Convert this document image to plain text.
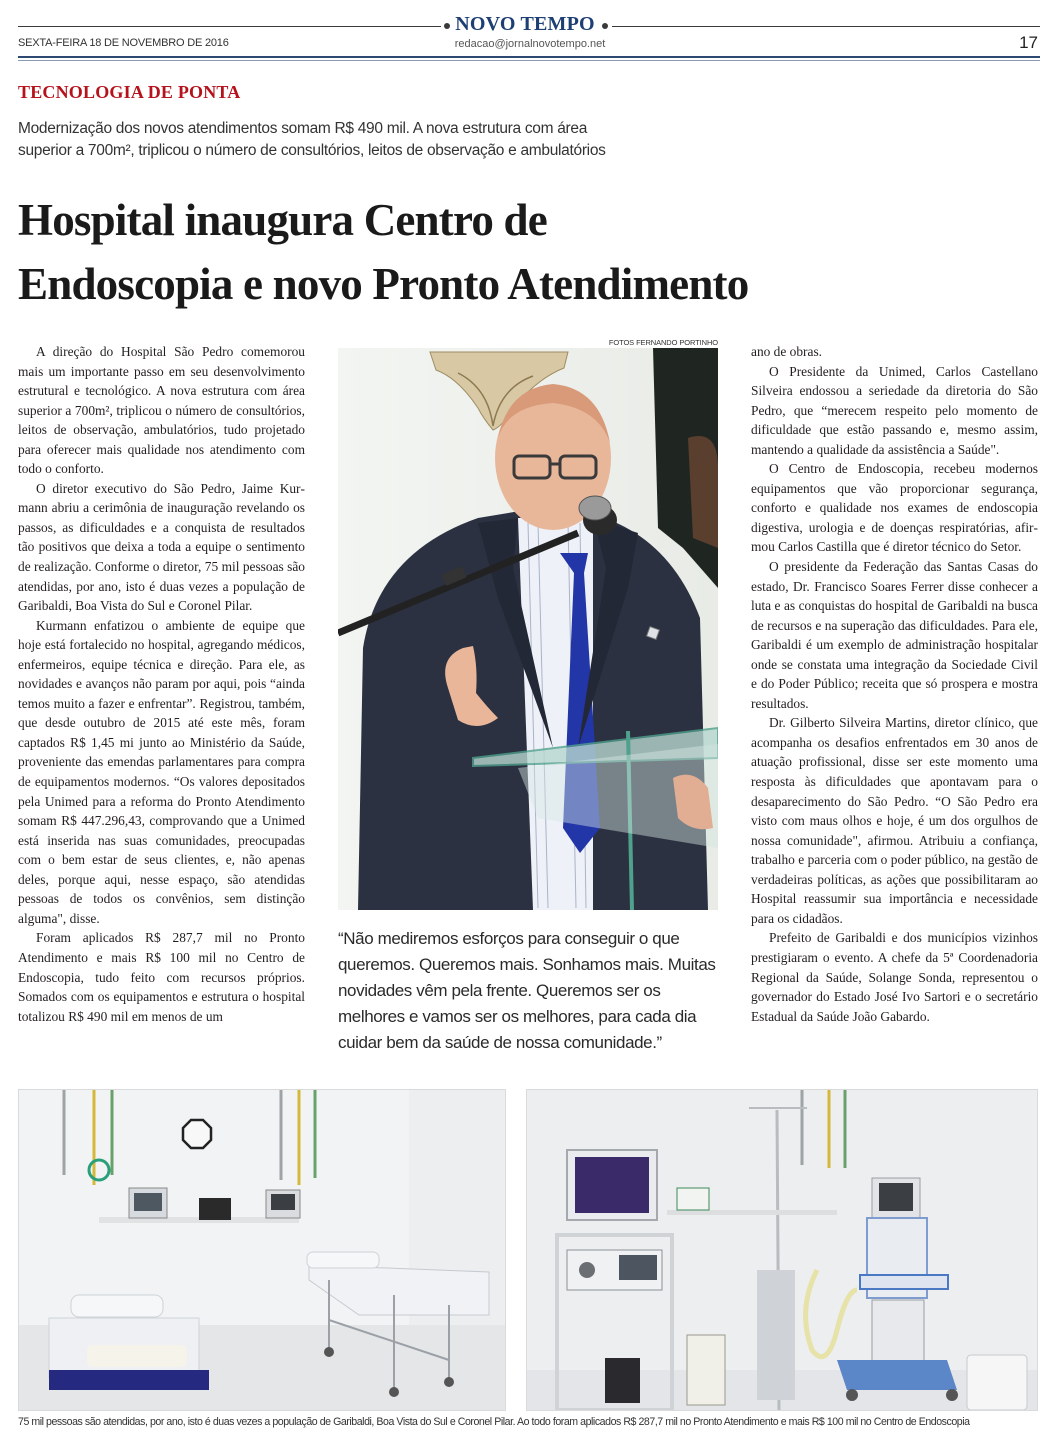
NOVO TEMPO
SEXTA-FEIRA 18 DE NOVEMBRO DE 2016	redacao@jornalnovotempo.net	17
TECNOLOGIA DE PONTA
Modernização dos novos atendimentos somam R$ 490 mil. A nova estrutura com área
superior a 700m², triplicou o número de consultórios, leitos de observação e ambulatórios
Hospital inaugura Centro de
Endoscopia e novo Pronto Atendimento

A direção do Hospital São Pedro comemorou mais um importante passo em seu desenvolvimento estrutural e tecnológico. A nova estrutura com área superior a 700m², triplicou o número de consultórios, leitos de observação, ambulatórios, tudo projetado para oferecer mais qualidade nos atendimento com todo o conforto.

O diretor executivo do São Pedro, Jaime Kurmann abriu a cerimônia de inauguração revelando os passos, as dificuldades e a conquista de resultados tão positivos que deixa a toda a equipe o sentimento de realização. Conforme o diretor, 75 mil pessoas são atendidas, por ano, isto é duas vezes a população de Garibaldi, Boa Vista do Sul e Coronel Pilar.

Kurmann enfatizou o ambiente de equipe que hoje está fortalecido no hospital, agregando médicos, enfermeiros, equipe técnica e direção. Para ele, as novidades e avanços não param por aqui, pois “ainda temos muito a fazer e enfrentar”. Registrou, também, que desde outubro de 2015 até este mês, foram captados R$ 1,45 mi junto ao Ministério da Saúde, proveniente das emendas parlamentares para compra de equipamentos modernos. “Os valores depositados pela Unimed para a reforma do Pronto Atendimento somam R$ 447.296,43, comprovando que a Unimed está inserida nas suas comunidades, preocupadas com o bem estar de seus clientes, e, não apenas deles, porque aqui, nesse espaço, são atendidas pessoas de todos os convênios, sem distinção alguma", disse.

Foram aplicados R$ 287,7 mil no Pronto Atendimento e mais R$ 100 mil no Centro de Endoscopia, tudo feito com recursos próprios. Somados com os equipamentos e estrutura o hospital totalizou R$ 490 mil em menos de um

ano de obras.

O Presidente da Unimed, Carlos Castellano Silveira endossou a seriedade da diretoria do São Pedro, que “merecem respeito pelo momento de dificuldade que estão passando e, mesmo assim, mantendo a qualidade da assistência a Saúde".

O Centro de Endoscopia, recebeu modernos equipamentos que vão proporcionar segurança, conforto e qualidade nos exames de endoscopia digestiva, urologia e de doenças respiratórias, afirmou Carlos Castilla que é diretor técnico do Setor.

O presidente da Federação das Santas Casas do estado, Dr. Francisco Soares Ferrer disse conhecer a luta e as conquistas do hospital de Garibaldi na busca de recursos e na superação das dificuldades. Para ele, Garibaldi é um exemplo de administração hospitalar onde se constata uma integração da Sociedade Civil e do Poder Público; receita que só prospera e mostra resultados.

Dr. Gilberto Silveira Martins, diretor clínico, que acompanha os desafios enfrentados em 30 anos de atuação profissional, disse ser este momento uma resposta às dificuldades que apontavam para o desaparecimento do São Pedro. “O São Pedro era visto com maus olhos e hoje, é um dos orgulhos de nossa comunidade", afirmou. Atribuiu a confiança, trabalho e parceria com o poder público, na gestão de verdadeiras políticas, as ações que possibilitaram ao Hospital reassumir sua importância e necessidade para os cidadãos.

Prefeito de Garibaldi e dos municípios vizinhos prestigiaram o evento. A chefe da 5ª Coordenadoria Regional da Saúde, Solange Sonda, representou o governador do Estado José Ivo Sartori e o secretário Estadual da Saúde João Gabardo.

FOTOS FERNANDO PORTINHO
“Não mediremos esforços para conseguir o que queremos. Queremos mais. Sonhamos mais. Muitas novidades vêm pela frente. Queremos ser os melhores e vamos ser os melhores, para cada dia cuidar bem da saúde de nossa comunidade.”
75 mil pessoas são atendidas, por ano, isto é duas vezes a população de Garibaldi, Boa Vista do Sul e Coronel Pilar. Ao todo foram aplicados R$ 287,7 mil no Pronto Atendimento e mais R$ 100 mil no Centro de Endoscopia
